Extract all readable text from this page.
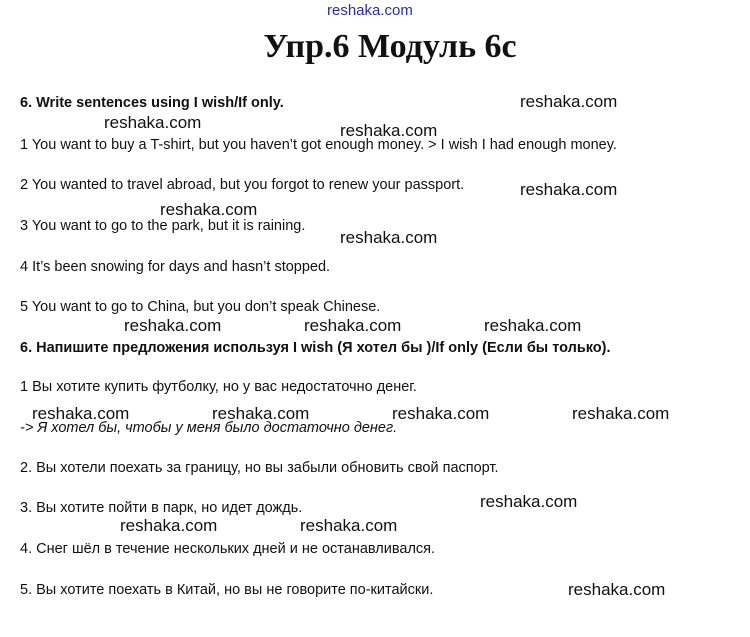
reshaka.com
Упр.6 Модуль 6с
6. Write sentences using I wish/If only.
1 You want to buy a T-shirt, but you haven’t got enough money. > I wish I had enough money.
2 You wanted to travel abroad, but you forgot to renew your passport.
3 You want to go to the park, but it is raining.
4 It’s been snowing for days and hasn’t stopped.
5 You want to go to China, but you don’t speak Chinese.
6. Напишите предложения используя I wish (Я хотел бы )/If only (Если бы только).
1 Вы хотите купить футболку, но у вас недостаточно денег.
-> Я хотел бы, чтобы у меня было достаточно денег.
2. Вы хотели поехать за границу, но вы забыли обновить свой паспорт.
3. Вы хотите пойти в парк, но идет дождь.
4. Снег шёл в течение нескольких дней и не останавливался.
5. Вы хотите поехать в Китай, но вы не говорите по-китайски.
reshaka.com
reshaka.com	reshaka.com
reshaka.com
reshaka.com
reshaka.com
reshaka.com	reshaka.com	reshaka.com
reshaka.com	reshaka.com	reshaka.com	reshaka.com
reshaka.com
reshaka.com	reshaka.com
reshaka.com
